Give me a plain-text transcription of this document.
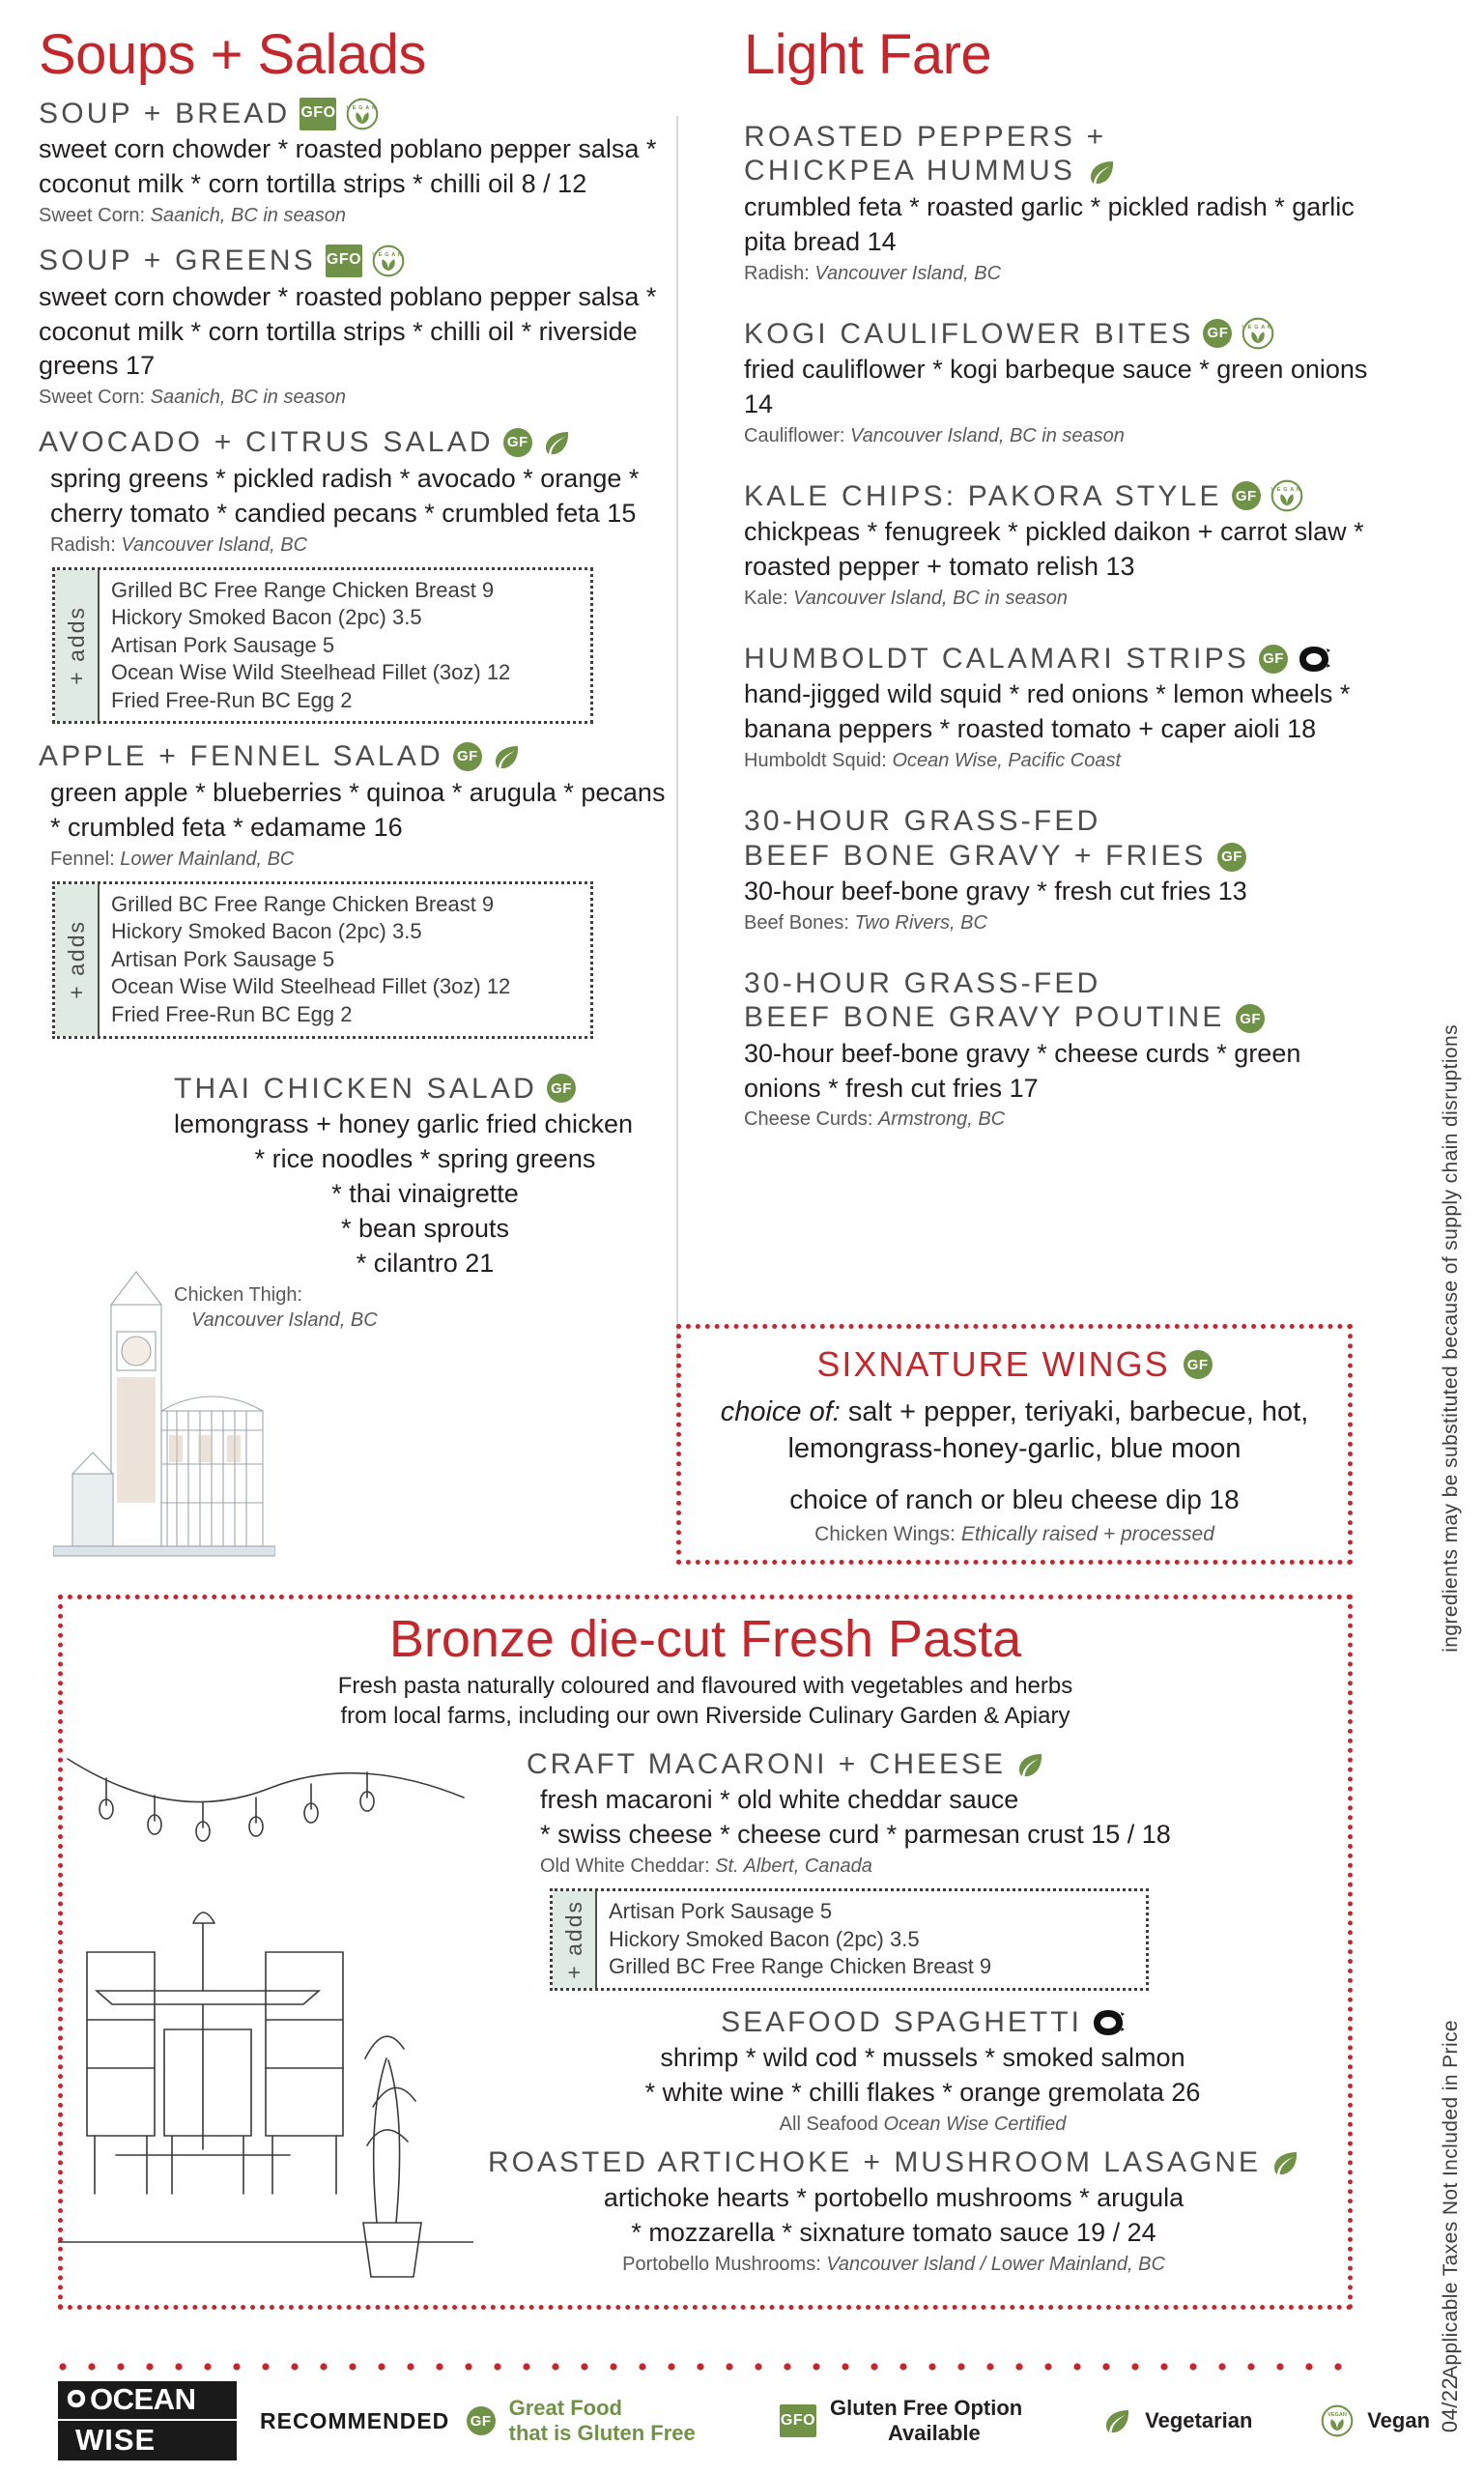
Soups + Salads
SOUP + BREAD GFO VEGAN
sweet corn chowder * roasted poblano pepper salsa * coconut milk * corn tortilla strips * chilli oil 8 / 12
Sweet Corn: Saanich, BC in season
SOUP + GREENS GFO VEGAN
sweet corn chowder * roasted poblano pepper salsa * coconut milk * corn tortilla strips * chilli oil * riverside greens 17
Sweet Corn: Saanich, BC in season
AVOCADO + CITRUS SALAD GF
spring greens * pickled radish * avocado * orange * cherry tomato * candied pecans * crumbled feta 15
Radish: Vancouver Island, BC
+ adds
Grilled BC Free Range Chicken Breast 9
Hickory Smoked Bacon (2pc) 3.5
Artisan Pork Sausage 5
Ocean Wise Wild Steelhead Fillet (3oz) 12
Fried Free-Run BC Egg 2
APPLE + FENNEL SALAD GF
green apple * blueberries * quinoa * arugula * pecans * crumbled feta * edamame 16
Fennel: Lower Mainland, BC
+ adds
Grilled BC Free Range Chicken Breast 9
Hickory Smoked Bacon (2pc) 3.5
Artisan Pork Sausage 5
Ocean Wise Wild Steelhead Fillet (3oz) 12
Fried Free-Run BC Egg 2
THAI CHICKEN SALAD GF
lemongrass + honey garlic fried chicken
* rice noodles * spring greens
* thai vinaigrette
* bean sprouts
* cilantro 21
Chicken Thigh:
Vancouver Island, BC
Light Fare
ROASTED PEPPERS +
CHICKPEA HUMMUS
crumbled feta * roasted garlic * pickled radish * garlic pita bread 14
Radish: Vancouver Island, BC
KOGI CAULIFLOWER BITES GF	VEGAN
fried cauliflower * kogi barbeque sauce * green onions 14
Cauliflower: Vancouver Island, BC in season
KALE CHIPS: PAKORA STYLE GF	VEGAN
chickpeas * fenugreek * pickled daikon + carrot slaw * roasted pepper + tomato relish 13
Kale: Vancouver Island, BC in season
HUMBOLDT CALAMARI STRIPS GF
hand-jigged wild squid * red onions * lemon wheels * banana peppers * roasted tomato + caper aioli 18
Humboldt Squid: Ocean Wise, Pacific Coast
30-HOUR GRASS-FED
BEEF BONE GRAVY + FRIES GF
30-hour beef-bone gravy * fresh cut fries 13
Beef Bones: Two Rivers, BC
30-HOUR GRASS-FED
BEEF BONE GRAVY POUTINE GF
30-hour beef-bone gravy * cheese curds * green onions * fresh cut fries 17
Cheese Curds: Armstrong, BC
SIXNATURE WINGS GF
choice of: salt + pepper, teriyaki, barbecue, hot,
lemongrass-honey-garlic, blue moon
choice of ranch or bleu cheese dip 18
Chicken Wings: Ethically raised + processed
Bronze die-cut Fresh Pasta
Fresh pasta naturally coloured and flavoured with vegetables and herbs
from local farms, including our own Riverside Culinary Garden & Apiary
CRAFT MACARONI + CHEESE
fresh macaroni * old white cheddar sauce
* swiss cheese * cheese curd * parmesan crust 15 / 18
Old White Cheddar: St. Albert, Canada
+ adds Artisan Pork Sausage 5
Hickory Smoked Bacon (2pc) 3.5
Grilled BC Free Range Chicken Breast 9
SEAFOOD SPAGHETTI
shrimp * wild cod * mussels * smoked salmon
* white wine * chilli flakes * orange gremolata 26
All Seafood Ocean Wise Certified
ROASTED ARTICHOKE + MUSHROOM LASAGNE
artichoke hearts * portobello mushrooms * arugula
* mozzarella * sixnature tomato sauce 19 / 24
Portobello Mushrooms: Vancouver Island / Lower Mainland, BC
ingredients may be substituted because of supply chain disruptions
Applicable Taxes Not Included in Price
04/22
OCEAN
WISE
RECOMMENDED GF
Great Food
that is Gluten Free
GFO
Gluten Free Option
Available
Vegetarian	VEGAN Vegan
